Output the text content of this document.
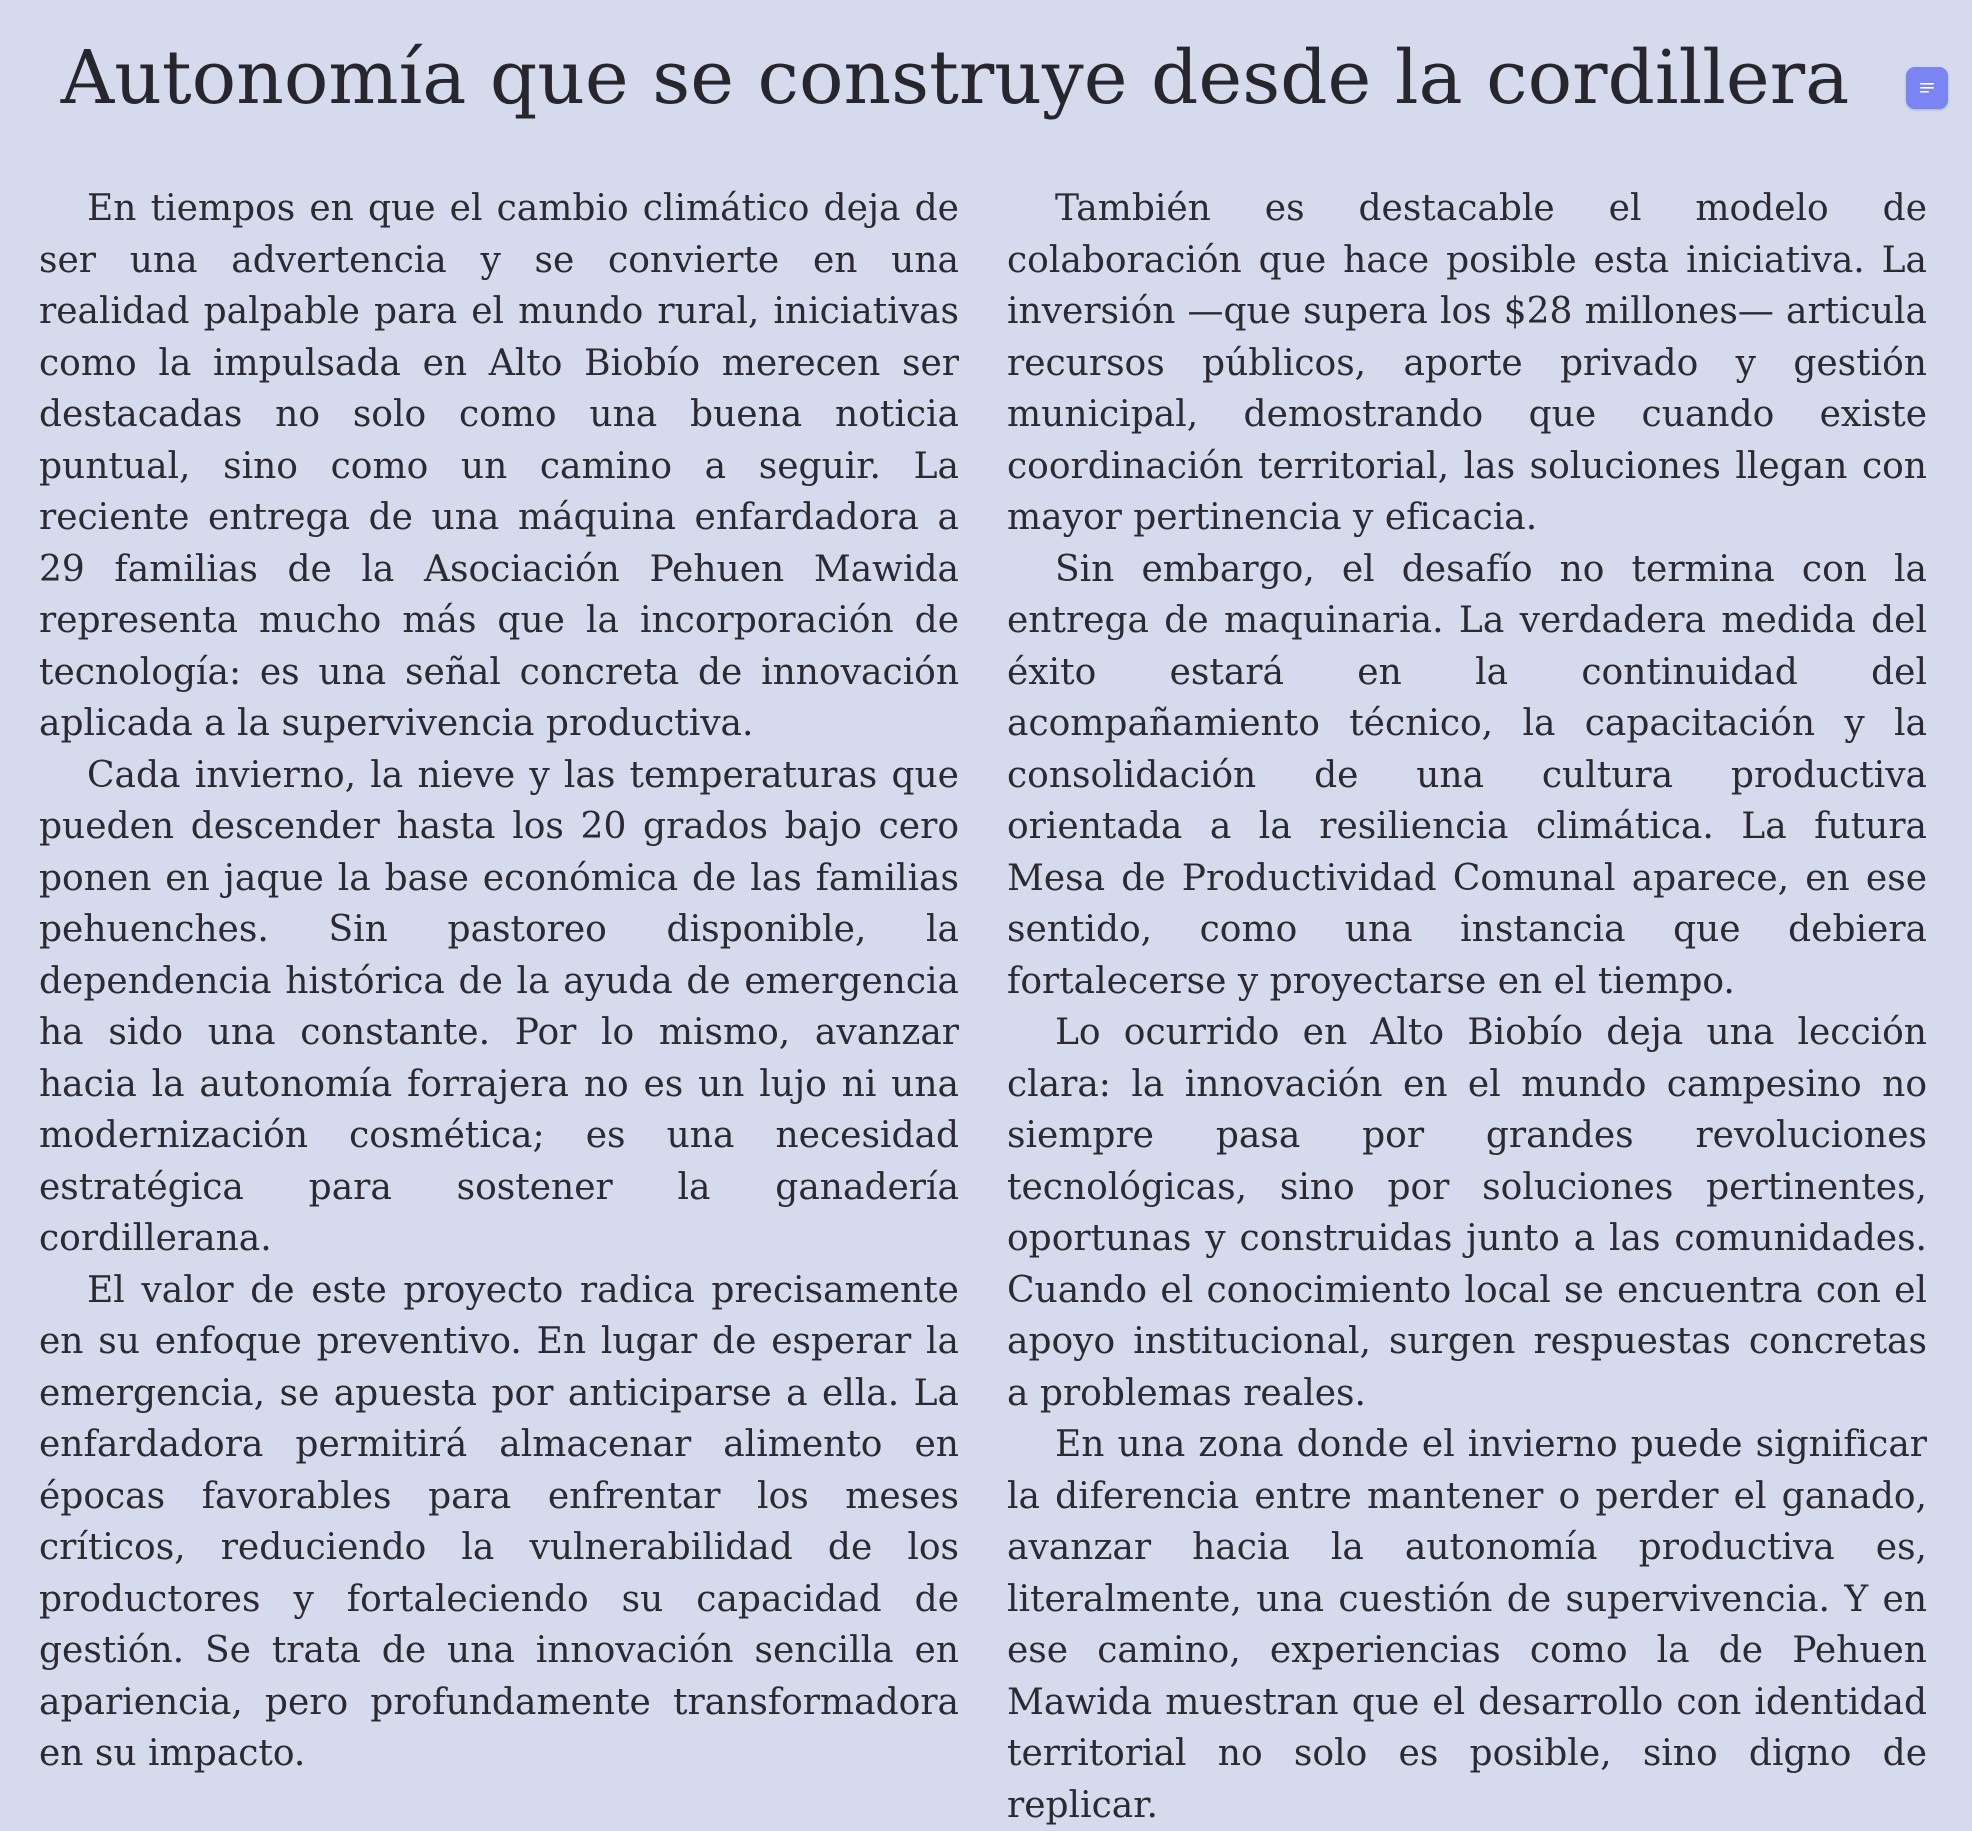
Autonomía que se construye desde la cordillera

En tiempos en que el cambio climático deja de ser una advertencia y se convierte en una realidad palpable para el mundo rural, iniciativas como la impulsada en Alto Biobío merecen ser destacadas no solo como una buena noticia puntual, sino como un camino a seguir. La reciente entrega de una máquina enfardadora a 29 familias de la Asociación Pehuen Mawida representa mucho más que la incorporación de tecnología: es una señal concreta de innovación aplicada a la supervivencia productiva.

Cada invierno, la nieve y las temperaturas que pueden descender hasta los 20 grados bajo cero ponen en jaque la base económica de las familias pehuenches. Sin pastoreo disponible, la dependencia histórica de la ayuda de emergencia ha sido una constante. Por lo mismo, avanzar hacia la autonomía forrajera no es un lujo ni una modernización cosmética; es una necesidad estratégica para sostener la ganadería cordillerana.

El valor de este proyecto radica precisamente en su enfoque preventivo. En lugar de esperar la emergencia, se apuesta por anticiparse a ella. La enfardadora permitirá almacenar alimento en épocas favorables para enfrentar los meses críticos, reduciendo la vulnerabilidad de los productores y fortaleciendo su capacidad de gestión. Se trata de una innovación sencilla en apariencia, pero profundamente transformadora en su impacto.

También es destacable el modelo de colaboración que hace posible esta iniciativa. La inversión —que supera los $28 millones— articula recursos públicos, aporte privado y gestión municipal, demostrando que cuando existe coordinación territorial, las soluciones llegan con mayor pertinencia y eficacia.

Sin embargo, el desafío no termina con la entrega de maquinaria. La verdadera medida del éxito estará en la continuidad del acompañamiento técnico, la capacitación y la consolidación de una cultura productiva orientada a la resiliencia climática. La futura Mesa de Productividad Comunal aparece, en ese sentido, como una instancia que debiera fortalecerse y proyectarse en el tiempo.

Lo ocurrido en Alto Biobío deja una lección clara: la innovación en el mundo campesino no siempre pasa por grandes revoluciones tecnológicas, sino por soluciones pertinentes, oportunas y construidas junto a las comunidades. Cuando el conocimiento local se encuentra con el apoyo institucional, surgen respuestas concretas a problemas reales.

En una zona donde el invierno puede significar la diferencia entre mantener o perder el ganado, avanzar hacia la autonomía productiva es, literalmente, una cuestión de supervivencia. Y en ese camino, experiencias como la de Pehuen Mawida muestran que el desarrollo con identidad territorial no solo es posible, sino digno de replicar.
